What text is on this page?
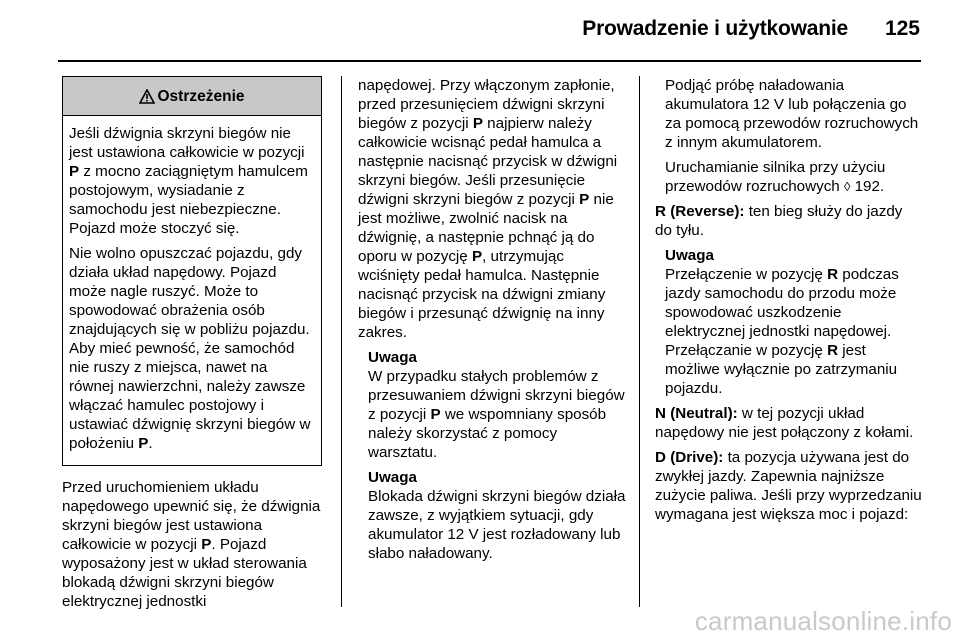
Prowadzenie i użytkowanie 125
Ostrzeżenie

Jeśli dźwignia skrzyni biegów nie jest ustawiona całkowicie w pozycji P z mocno zaciągniętym hamulcem postojowym, wysiadanie z samochodu jest niebezpieczne. Pojazd może stoczyć się.

Nie wolno opuszczać pojazdu, gdy działa układ napędowy. Pojazd może nagle ruszyć. Może to spowodować obrażenia osób znajdujących się w pobliżu pojazdu. Aby mieć pewność, że samochód nie ruszy z miejsca, nawet na równej nawierzchni, należy zawsze włączać hamulec postojowy i ustawiać dźwignię skrzyni biegów w położeniu P.

Przed uruchomieniem układu napędowego upewnić się, że dźwignia skrzyni biegów jest ustawiona całkowicie w pozycji P. Pojazd wyposażony jest w układ sterowania blokadą dźwigni skrzyni biegów elektrycznej jednostki

napędowej. Przy włączonym zapłonie, przed przesunięciem dźwigni skrzyni biegów z pozycji P najpierw należy całkowicie wcisnąć pedał hamulca a następnie nacisnąć przycisk w dźwigni skrzyni biegów. Jeśli przesunięcie dźwigni skrzyni biegów z pozycji P nie jest możliwe, zwolnić nacisk na dźwignię, a następnie pchnąć ją do oporu w pozycję P, utrzymując wciśnięty pedał hamulca. Następnie nacisnąć przycisk na dźwigni zmiany biegów i przesunąć dźwignię na inny zakres.

Uwaga
W przypadku stałych problemów z przesuwaniem dźwigni skrzyni biegów z pozycji P we wspomniany sposób należy skorzystać z pomocy warsztatu.
Uwaga
Blokada dźwigni skrzyni biegów działa zawsze, z wyjątkiem sytuacji, gdy akumulator 12 V jest rozładowany lub słabo naładowany.

Podjąć próbę naładowania akumulatora 12 V lub połączenia go za pomocą przewodów rozruchowych z innym akumulatorem.

Uruchamianie silnika przy użyciu przewodów rozruchowych ◊ 192.

R (Reverse): ten bieg służy do jazdy do tyłu.

Uwaga
Przełączenie w pozycję R podczas jazdy samochodu do przodu może spowodować uszkodzenie elektrycznej jednostki napędowej. Przełączanie w pozycję R jest możliwe wyłącznie po zatrzymaniu pojazdu.

N (Neutral): w tej pozycji układ napędowy nie jest połączony z kołami.

D (Drive): ta pozycja używana jest do zwykłej jazdy. Zapewnia najniższe zużycie paliwa. Jeśli przy wyprzedzaniu wymagana jest większa moc i pojazd:

carmanualsonline.info
